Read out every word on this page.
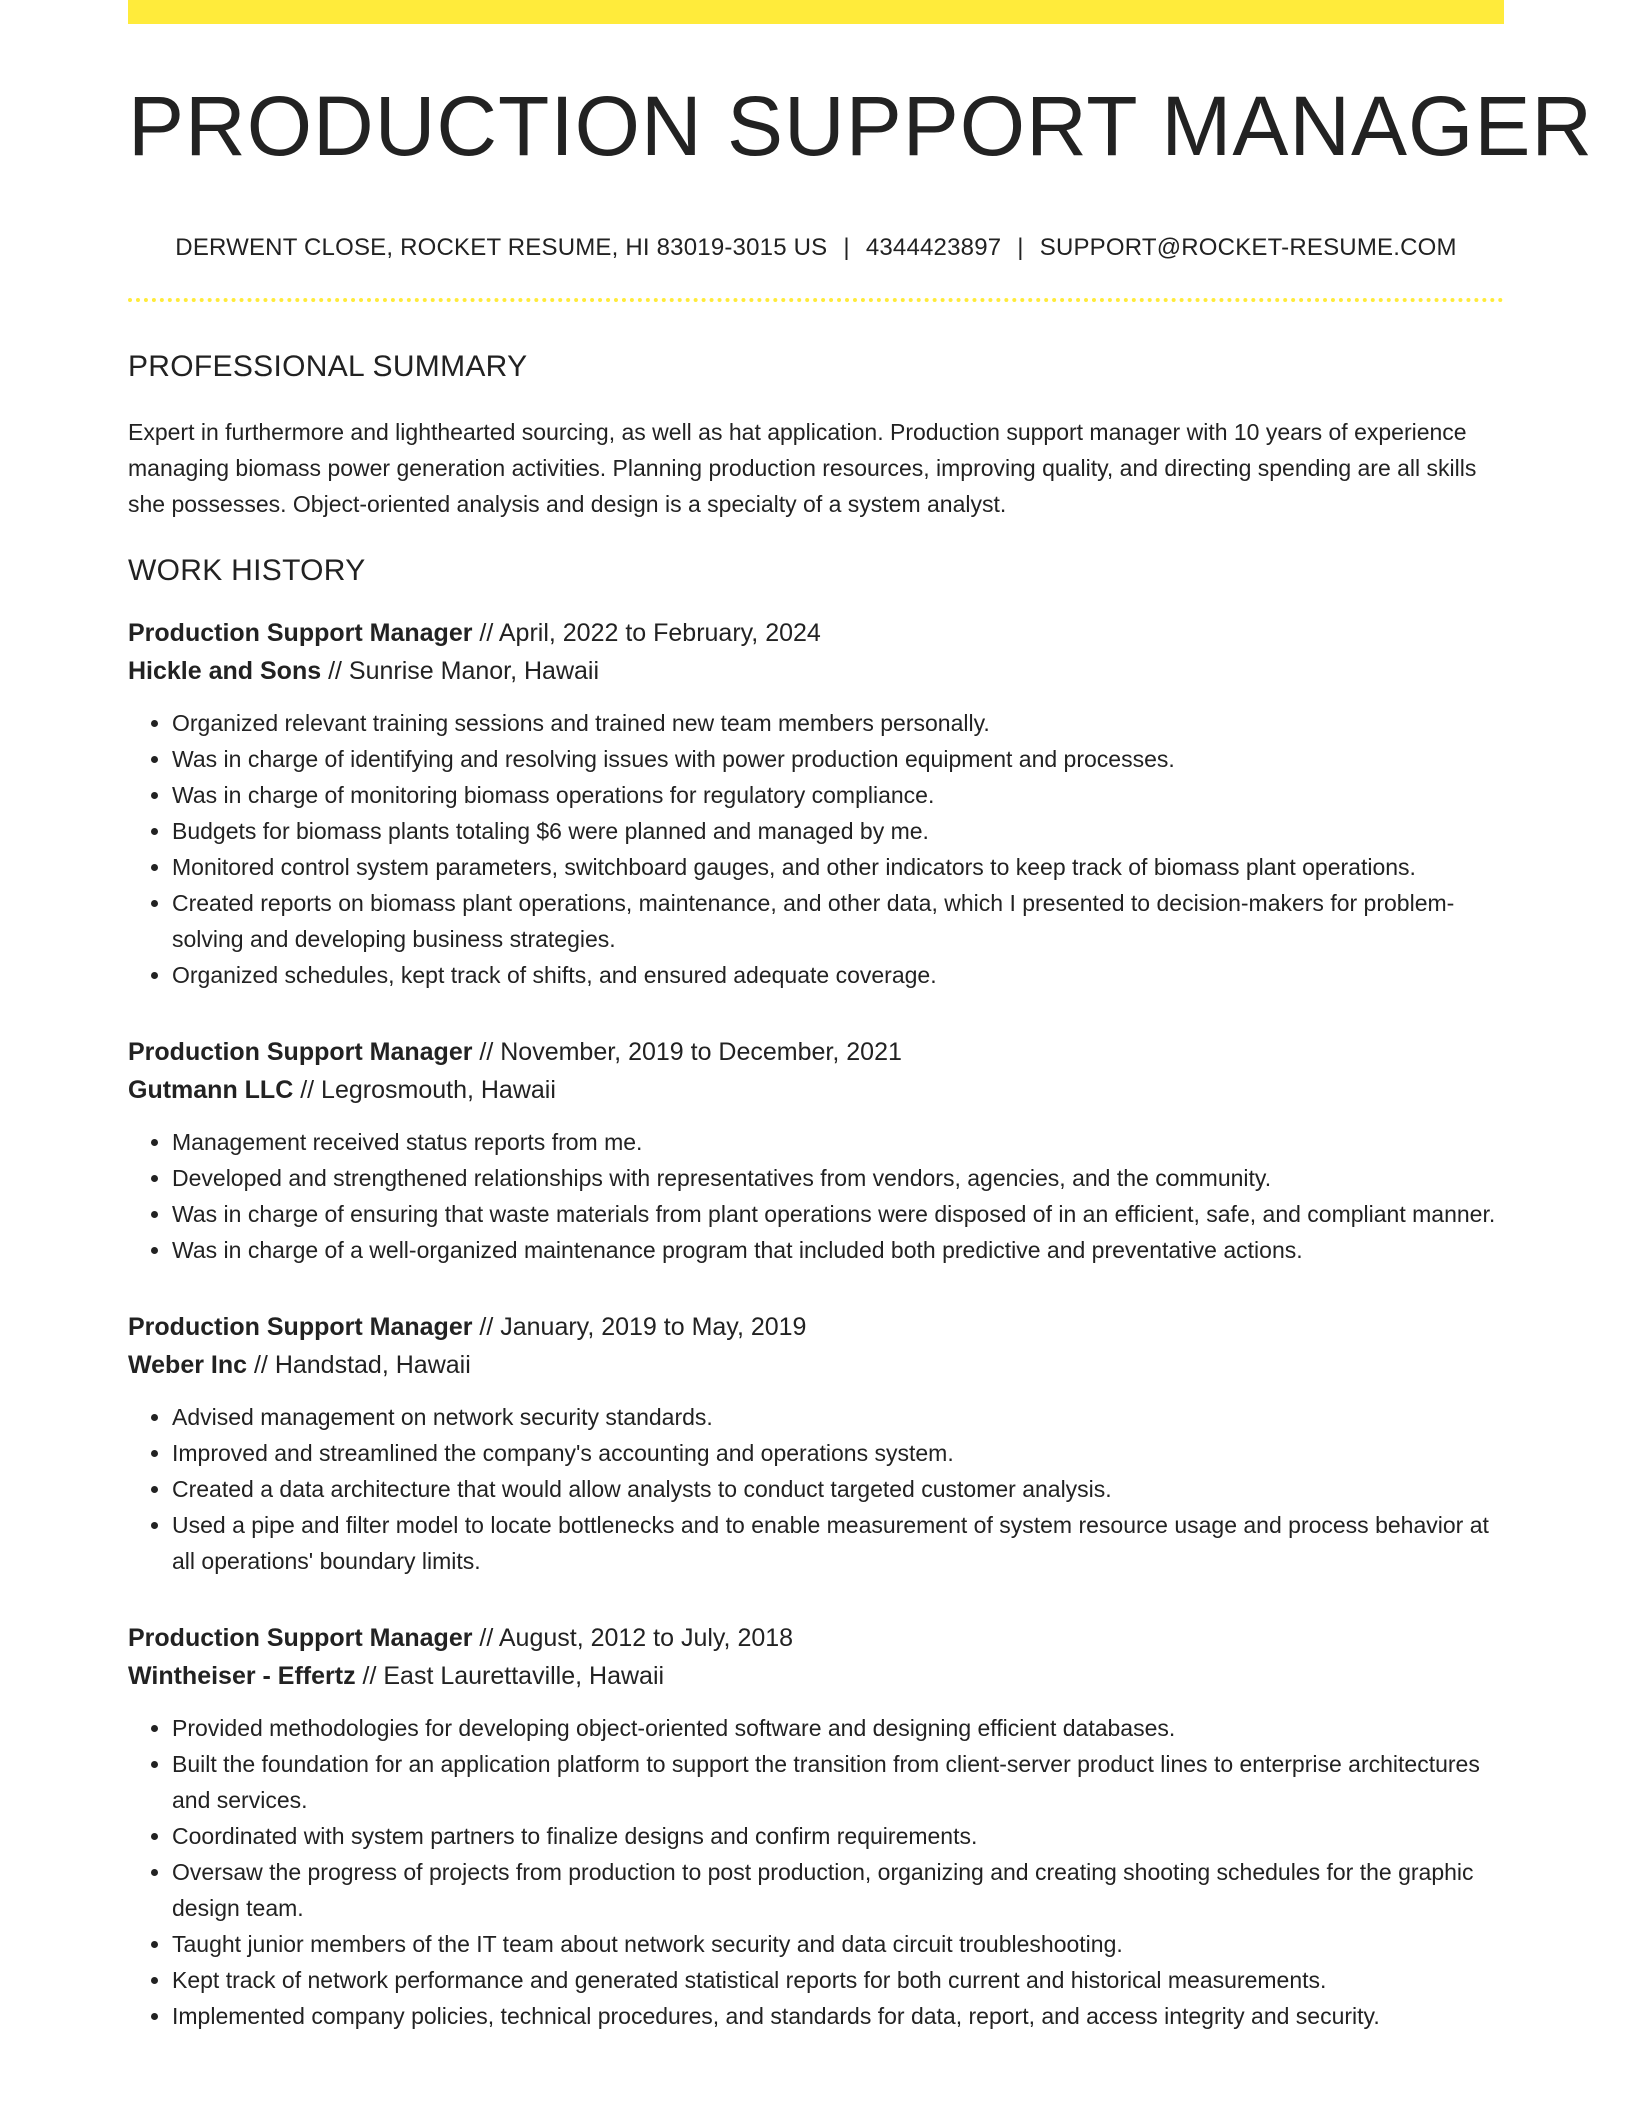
PRODUCTION SUPPORT MANAGER
DERWENT CLOSE, ROCKET RESUME, HI 83019-3015 US | 4344423897 | SUPPORT@ROCKET-RESUME.COM
PROFESSIONAL SUMMARY

Expert in furthermore and lighthearted sourcing, as well as hat application. Production support manager with 10 years of experience managing biomass power generation activities. Planning production resources, improving quality, and directing spending are all skills she possesses. Object-oriented analysis and design is a specialty of a system analyst.

WORK HISTORY
Production Support Manager // April, 2022 to February, 2024
Hickle and Sons // Sunrise Manor, Hawaii
• Organized relevant training sessions and trained new team members personally.
• Was in charge of identifying and resolving issues with power production equipment and processes.
• Was in charge of monitoring biomass operations for regulatory compliance.
• Budgets for biomass plants totaling $6 were planned and managed by me.
• Monitored control system parameters, switchboard gauges, and other indicators to keep track of biomass plant operations.
• Created reports on biomass plant operations, maintenance, and other data, which I presented to decision-makers for problem-solving and developing business strategies.
• Organized schedules, kept track of shifts, and ensured adequate coverage.
Production Support Manager // November, 2019 to December, 2021
Gutmann LLC // Legrosmouth, Hawaii
• Management received status reports from me.
• Developed and strengthened relationships with representatives from vendors, agencies, and the community.
• Was in charge of ensuring that waste materials from plant operations were disposed of in an efficient, safe, and compliant manner.
• Was in charge of a well-organized maintenance program that included both predictive and preventative actions.
Production Support Manager // January, 2019 to May, 2019
Weber Inc // Handstad, Hawaii
• Advised management on network security standards.
• Improved and streamlined the company's accounting and operations system.
• Created a data architecture that would allow analysts to conduct targeted customer analysis.
• Used a pipe and filter model to locate bottlenecks and to enable measurement of system resource usage and process behavior at all operations' boundary limits.
Production Support Manager // August, 2012 to July, 2018
Wintheiser - Effertz // East Laurettaville, Hawaii
• Provided methodologies for developing object-oriented software and designing efficient databases.
• Built the foundation for an application platform to support the transition from client-server product lines to enterprise architectures and services.
• Coordinated with system partners to finalize designs and confirm requirements.
• Oversaw the progress of projects from production to post production, organizing and creating shooting schedules for the graphic design team.
• Taught junior members of the IT team about network security and data circuit troubleshooting.
• Kept track of network performance and generated statistical reports for both current and historical measurements.
• Implemented company policies, technical procedures, and standards for data, report, and access integrity and security.
